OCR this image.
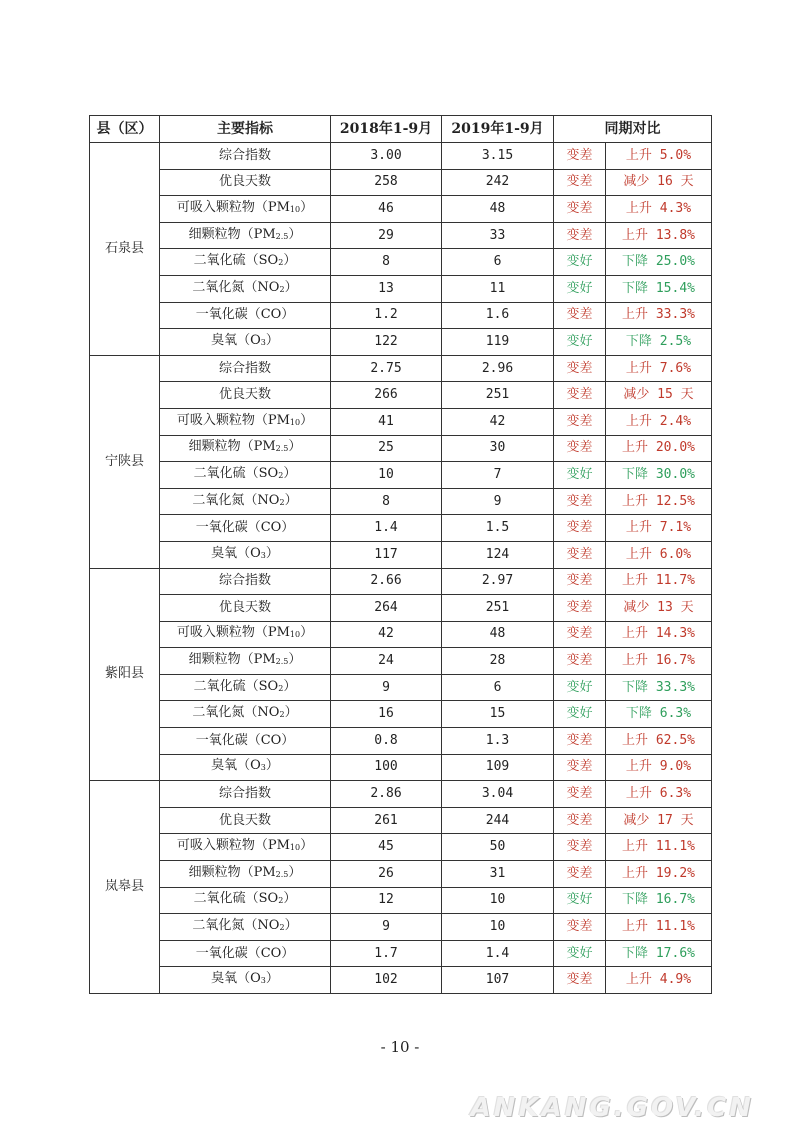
县（区）	主要指标	2018年1-9月	2019年1-9月	同期对比	
石泉县	综合指数	3.00	3.15	变差	上升 5.0%
	优良天数	258	242	变差	减少 16 天
	可吸入颗粒物$(PM_{10})$	46	48	变差	上升 4.3%
	细颗粒物$(PM_{2.5})$	29	33	变差	上升 13.8%
	二氧化硫$(SO_2)$	8	6	变好	下降 25.0%
	二氧化氮$(NO_2)$	13	11	变好	下降 15.4%
	一氧化碳（CO）	1.2	1.6	变差	上升 33.3%
	臭氧$(O_3)$	122	119	变好	下降 2.5%
宁陕县	综合指数	2.75	2.96	变差	上升 7.6%
	优良天数	266	251	变差	减少 15 天
	可吸入颗粒物$(PM_{10})$	41	42	变差	上升 2.4%
	细颗粒物$(PM_{2.5})$	25	30	变差	上升 20.0%
	二氧化硫$(SO_2)$	10	7	变好	下降 30.0%
	二氧化氮$(NO_2)$	8	9	变差	上升 12.5%
	一氧化碳（CO）	1.4	1.5	变差	上升 7.1%
	臭氧$(O_3)$	117	124	变差	上升 6.0%
紫阳县	综合指数	2.66	2.97	变差	上升 11.7%
	优良天数	264	251	变差	减少 13 天
	可吸入颗粒物$(PM_{10})$	42	48	变差	上升 14.3%
	细颗粒物$(PM_{2.5})$	24	28	变差	上升 16.7%
	二氧化硫$(SO_2)$	9	6	变好	下降 33.3%
	二氧化氮$(NO_2)$	16	15	变好	下降 6.3%
	一氧化碳（CO）	0.8	1.3	变差	上升 62.5%
	臭氧$(O_3)$	100	109	变差	上升 9.0%
岚皋县	综合指数	2.86	3.04	变差	上升 6.3%
	优良天数	261	244	变差	减少 17 天
	可吸入颗粒物$(PM_{10})$	45	50	变差	上升 11.1%
	细颗粒物$(PM_{2.5})$	26	31	变差	上升 19.2%
	二氧化硫$(SO_2)$	12	10	变好	下降 16.7%
	二氧化氮$(NO_2)$	9	10	变差	上升 11.1%
	一氧化碳（CO）	1.7	1.4	变好	下降 17.6%
	臭氧$(O_3)$	102	107	变差	上升 4.9%
- 10 -
ANKANG.GOV.CN
